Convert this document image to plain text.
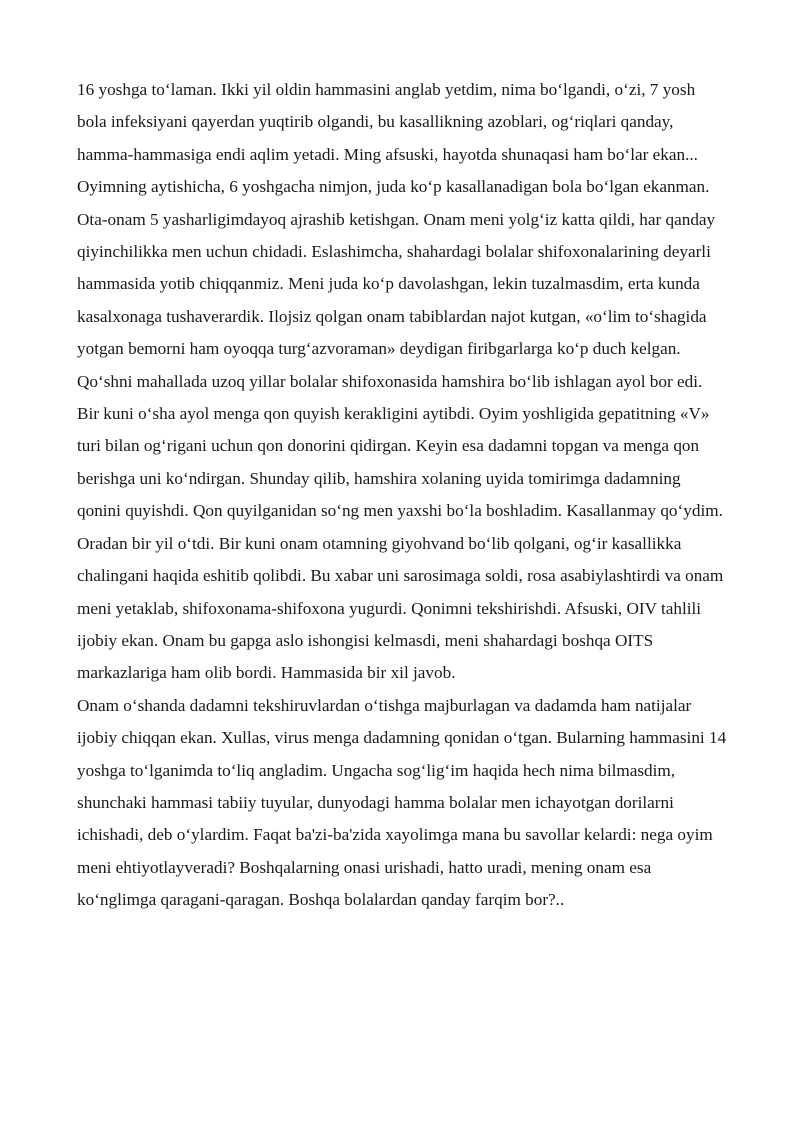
16 yoshga to‘laman. Ikki yil oldin hammasini anglab yetdim, nima bo‘lgandi, o‘zi, 7 yosh bola infeksiyani qayerdan yuqtirib olgandi, bu kasallikning azoblari, og‘riqlari qanday, hamma-hammasiga endi aqlim yetadi. Ming afsuski, hayotda shunaqasi ham bo‘lar ekan...

Oyimning aytishicha, 6 yoshgacha nimjon, juda ko‘p kasallanadigan bola bo‘lgan ekanman. Ota-onam 5 yasharligimdayoq ajrashib ketishgan. Onam meni yolg‘iz katta qildi, har qanday qiyinchilikka men uchun chidadi. Eslashimcha, shahardagi bolalar shifoxonalarining deyarli hammasida yotib chiqqanmiz. Meni juda ko‘p davolashgan, lekin tuzalmasdim, erta kunda kasalxonaga tushaverardik. Ilojsiz qolgan onam tabiblardan najot kutgan, «o‘lim to‘shagida yotgan bemorni ham oyoqqa turg‘azvoraman» deydigan firibgarlarga ko‘p duch kelgan.

Qo‘shni mahallada uzoq yillar bolalar shifoxonasida hamshira bo‘lib ishlagan ayol bor edi. Bir kuni o‘sha ayol menga qon quyish kerakligini aytibdi. Oyim yoshligida gepatitning «V» turi bilan og‘rigani uchun qon donorini qidirgan. Keyin esa dadamni topgan va menga qon berishga uni ko‘ndirgan. Shunday qilib, hamshira xolaning uyida tomirimga dadamning qonini quyishdi. Qon quyilganidan so‘ng men yaxshi bo‘la boshladim. Kasallanmay qo‘ydim. Oradan bir yil o‘tdi. Bir kuni onam otamning giyohvand bo‘lib qolgani, og‘ir kasallikka chalingani haqida eshitib qolibdi. Bu xabar uni sarosimaga soldi, rosa asabiylashtirdi va onam meni yetaklab, shifoxonama-shifoxona yugurdi. Qonimni tekshirishdi. Afsuski, OIV tahlili ijobiy ekan. Onam bu gapga aslo ishongisi kelmasdi, meni shahardagi boshqa OITS markazlariga ham olib bordi. Hammasida bir xil javob.

Onam o‘shanda dadamni tekshiruvlardan o‘tishga majburlagan va dadamda ham natijalar ijobiy chiqqan ekan. Xullas, virus menga dadamning qonidan o‘tgan. Bularning hammasini 14 yoshga to‘lganimda to‘liq angladim. Ungacha sog‘lig‘im haqida hech nima bilmasdim, shunchaki hammasi tabiiy tuyular, dunyodagi hamma bolalar men ichayotgan dorilarni ichishadi, deb o‘ylardim. Faqat ba'zi-ba'zida xayolimga mana bu savollar kelardi: nega oyim meni ehtiyotlayveradi? Boshqalarning onasi urishadi, hatto uradi, mening onam esa ko‘nglimga qaragani-qaragan. Boshqa bolalardan qanday farqim bor?..
